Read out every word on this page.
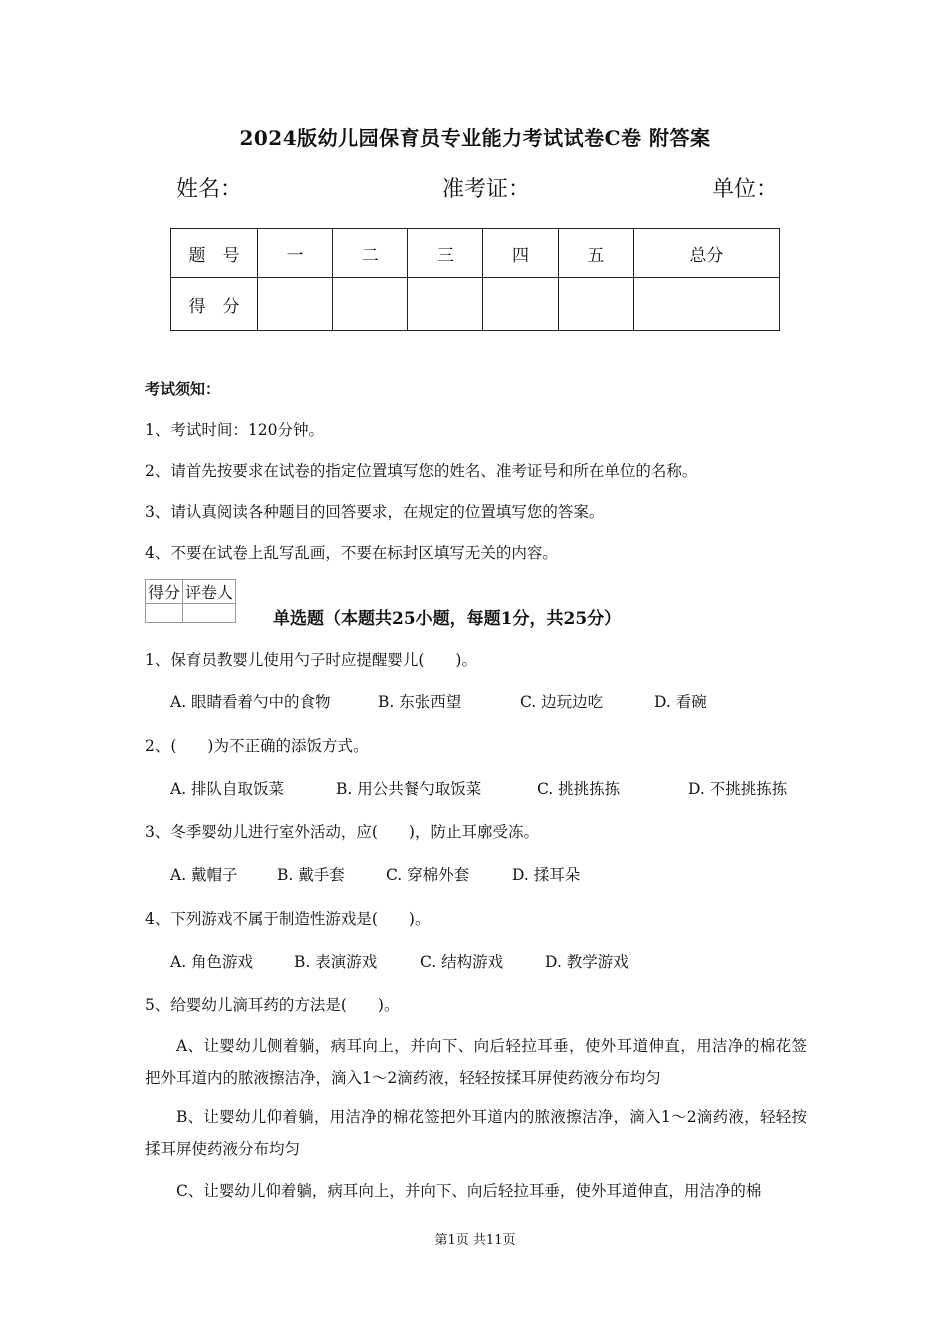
2024版幼儿园保育员专业能力考试试卷C卷 附答案
姓名：	准考证：	单位：
题　号	一	二	三	四	五	总分
得　分						
考试须知：
1、考试时间：120分钟。
2、请首先按要求在试卷的指定位置填写您的姓名、准考证号和所在单位的名称。
3、请认真阅读各种题目的回答要求，在规定的位置填写您的答案。
4、不要在试卷上乱写乱画，不要在标封区填写无关的内容。
得分	评卷人

单选题（本题共25小题，每题1分，共25分）
1、保育员教婴儿使用勺子时应提醒婴儿(　　)。
A. 眼睛看着勺中的食物	B. 东张西望	C. 边玩边吃	D. 看碗
2、(　　)为不正确的添饭方式。
A. 排队自取饭菜	B. 用公共餐勺取饭菜	C. 挑挑拣拣	D. 不挑挑拣拣
3、冬季婴幼儿进行室外活动，应(　　)，防止耳廓受冻。
A. 戴帽子	B. 戴手套	C. 穿棉外套	D. 揉耳朵
4、下列游戏不属于制造性游戏是(　　)。
A. 角色游戏	B. 表演游戏	C. 结构游戏	D. 教学游戏
5、给婴幼儿滴耳药的方法是(　　)。
A、让婴幼儿侧着躺，病耳向上，并向下、向后轻拉耳垂，使外耳道伸直，用洁净的棉花签把外耳道内的脓液擦洁净，滴入1～2滴药液，轻轻按揉耳屏使药液分布均匀
B、让婴幼儿仰着躺，用洁净的棉花签把外耳道内的脓液擦洁净，滴入1～2滴药液，轻轻按揉耳屏使药液分布均匀
C、让婴幼儿仰着躺，病耳向上，并向下、向后轻拉耳垂，使外耳道伸直，用洁净的棉
第1页 共11页
